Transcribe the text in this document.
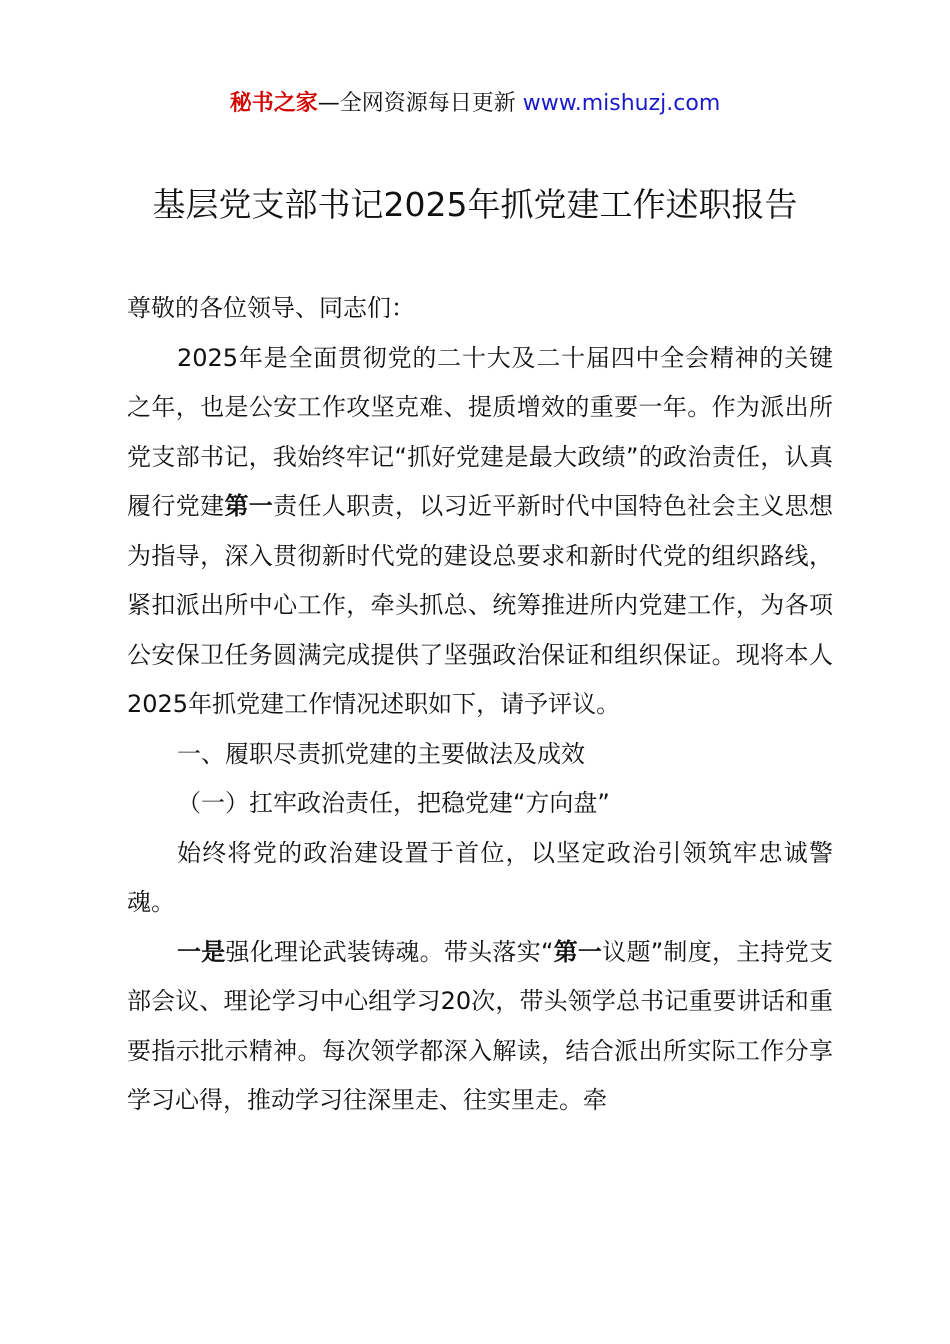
秘书之家—全网资源每日更新 www.mishuzj.com
基层党支部书记2025年抓党建工作述职报告

尊敬的各位领导、同志们：

2025年是全面贯彻党的二十大及二十届四中全会精神的关键之年，也是公安工作攻坚克难、提质增效的重要一年。作为派出所党支部书记，我始终牢记“抓好党建是最大政绩”的政治责任，认真履行党建第一责任人职责，以习近平新时代中国特色社会主义思想为指导，深入贯彻新时代党的建设总要求和新时代党的组织路线，紧扣派出所中心工作，牵头抓总、统筹推进所内党建工作，为各项公安保卫任务圆满完成提供了坚强政治保证和组织保证。现将本人2025年抓党建工作情况述职如下，请予评议。

一、履职尽责抓党建的主要做法及成效

（一）扛牢政治责任，把稳党建“方向盘”

始终将党的政治建设置于首位，以坚定政治引领筑牢忠诚警魂。

一是强化理论武装铸魂。带头落实“第一议题”制度，主持党支部会议、理论学习中心组学习20次，带头领学总书记重要讲话和重要指示批示精神。每次领学都深入解读，结合派出所实际工作分享学习心得，推动学习往深里走、往实里走。牵
